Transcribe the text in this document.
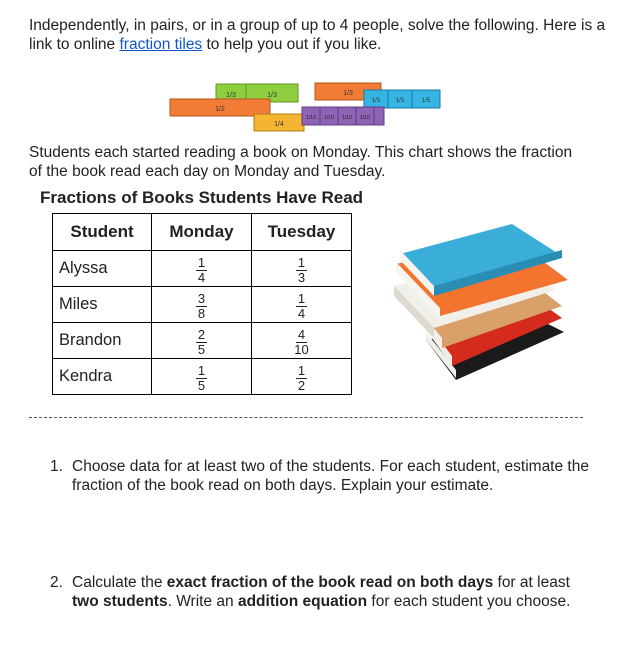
Independently, in pairs, or in a group of up to 4 people, solve the following. Here is a link to online fraction tiles to help you out if you like.
1/3	1/3
1/2
1/4
1/3
1/5	1/5	1/5
1/10 1/10 1/10 1/10
Students each started reading a book on Monday. This chart shows the fraction of the book read each day on Monday and Tuesday.
Fractions of Books Students Have Read
Student	Monday	Tuesday
Alyssa	$\frac{1}{4}$	$\frac{1}{3}$

Miles	$\frac{3}{8}$	$\frac{1}{4}$

Brandon	$\frac{2}{5}$	$\frac{4}{10}$

Kendra	$\frac{1}{5}$	$\frac{1}{2}$
1. Choose data for at least two of the students. For each student, estimate the fraction of the book read on both days. Explain your estimate.
2. Calculate the exact fraction of the book read on both days for at least two students. Write an addition equation for each student you choose.
